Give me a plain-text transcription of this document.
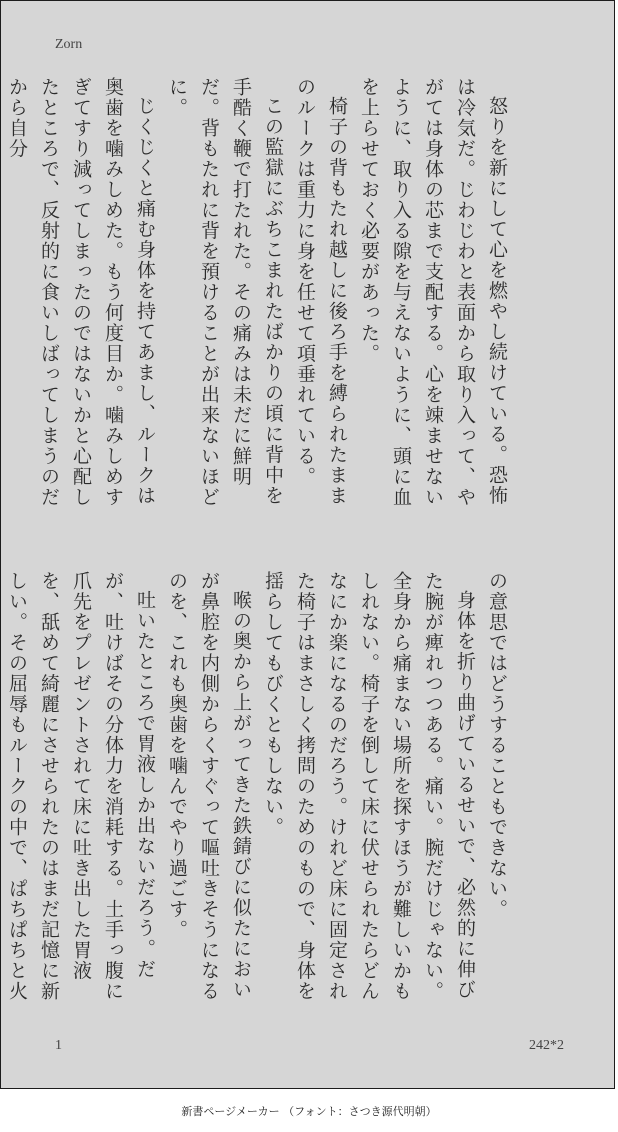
Zorn

怒りを新にして心を燃やし続けている。恐怖は冷気だ。じわじわと表面から取り入って、やがては身体の芯まで支配する。心を竦ませないように、取り入る隙を与えないように、頭に血を上らせておく必要があった。

椅子の背もたれ越しに後ろ手を縛られたままのルークは重力に身を任せて項垂れている。

この監獄にぶちこまれたばかりの頃に背中を手酷く鞭で打たれた。その痛みは未だに鮮明だ。背もたれに背を預けることが出来ないほどに。

じくじくと痛む身体を持てあまし、ルークは奥歯を噛みしめた。もう何度目か。噛みしめすぎてすり減ってしまったのではないかと心配したところで、反射的に食いしばってしまうのだから自分

の意思ではどうすることもできない。

身体を折り曲げているせいで、必然的に伸びた腕が痺れつつある。痛い。腕だけじゃない。全身から痛まない場所を探すほうが難しいかもしれない。椅子を倒して床に伏せられたらどんなにか楽になるのだろう。けれど床に固定された椅子はまさしく拷問のためのもので、身体を揺らしてもびくともしない。

喉の奥から上がってきた鉄錆びに似たにおいが鼻腔を内側からくすぐって嘔吐きそうになるのを、これも奥歯を噛んでやり過ごす。

吐いたところで胃液しか出ないだろう。だが、吐けばその分体力を消耗する。土手っ腹に爪先をプレゼントされて床に吐き出した胃液を、舐めて綺麗にさせられたのはまだ記憶に新しい。その屈辱もルークの中で、ぱちぱちと火

1	242*2
新書ページメーカー （フォント：さつき源代明朝）
